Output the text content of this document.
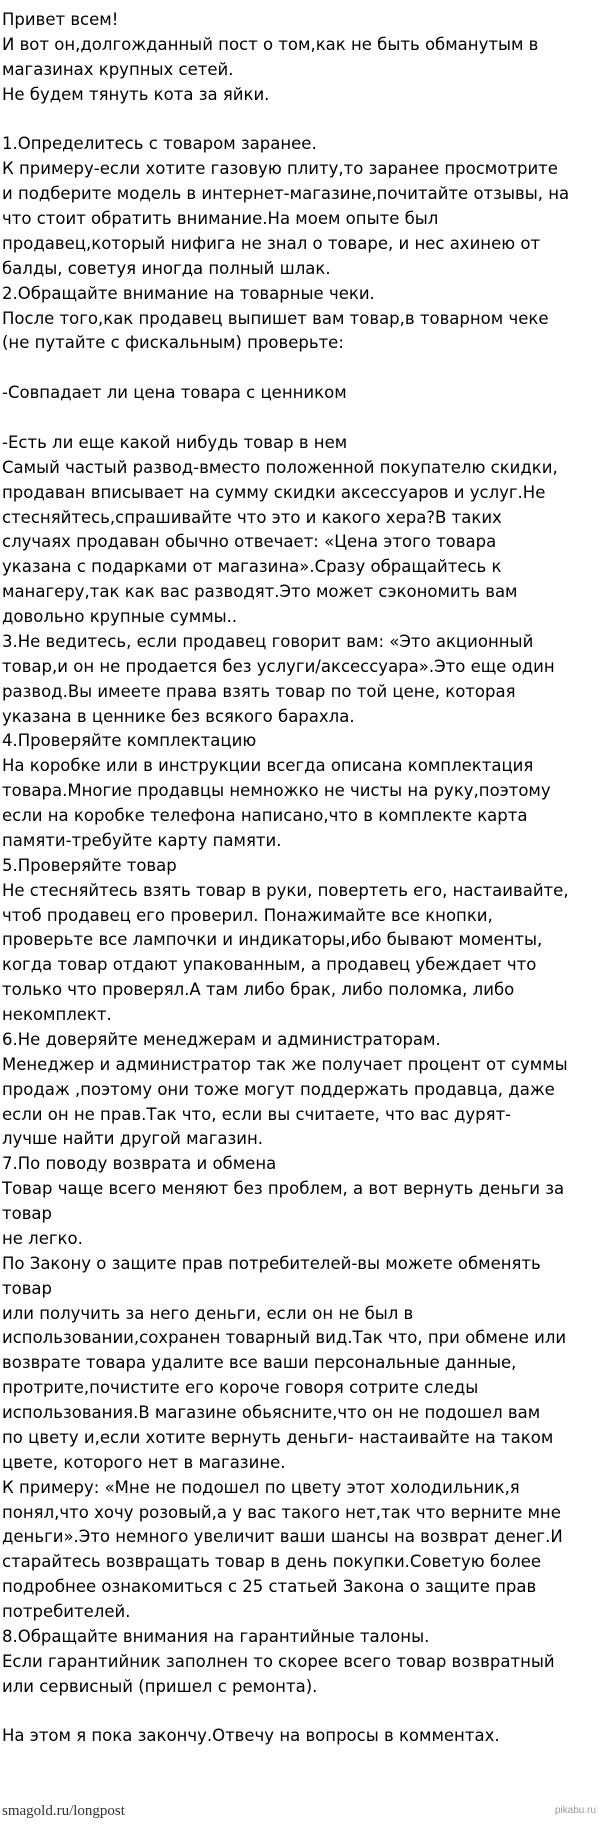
Привет всем!
И вот он,долгожданный пост о том,как не быть обманутым в
магазинах крупных сетей.
Не будем тянуть кота за яйки.
1.Определитесь с товаром заранее.
К примеру-если хотите газовую плиту,то заранее просмотрите
и подберите модель в интернет-магазине,почитайте отзывы, на
что стоит обратить внимание.На моем опыте был
продавец,который нифига не знал о товаре, и нес ахинею от
балды, советуя иногда полный шлак.
2.Обращайте внимание на товарные чеки.
После того,как продавец выпишет вам товар,в товарном чеке
(не путайте с фискальным) проверьте:
-Совпадает ли цена товара с ценником
-Есть ли еще какой нибудь товар в нем
Самый частый развод-вместо положенной покупателю скидки,
продаван вписывает на сумму скидки аксессуаров и услуг.Не
стесняйтесь,спрашивайте что это и какого хера?В таких
случаях продаван обычно отвечает: «Цена этого товара
указана с подарками от магазина».Сразу обращайтесь к
манагеру,так как вас разводят.Это может сэкономить вам
довольно крупные суммы..
3.Не ведитесь, если продавец говорит вам: «Это акционный
товар,и он не продается без услуги/аксессуара».Это еще один
развод.Вы имеете права взять товар по той цене, которая
указана в ценнике без всякого барахла.
4.Проверяйте комплектацию
На коробке или в инструкции всегда описана комплектация
товара.Многие продавцы немножко не чисты на руку,поэтому
если на коробке телефона написано,что в комплекте карта
памяти-требуйте карту памяти.
5.Проверяйте товар
Не стесняйтесь взять товар в руки, повертеть его, настаивайте,
чтоб продавец его проверил. Понажимайте все кнопки,
проверьте все лампочки и индикаторы,ибо бывают моменты,
когда товар отдают упакованным, а продавец убеждает что
только что проверял.А там либо брак, либо поломка, либо
некомплект.
6.Не доверяйте менеджерам и администраторам.
Менеджер и администратор так же получает процент от суммы
продаж ,поэтому они тоже могут поддержать продавца, даже
если он не прав.Так что, если вы считаете, что вас дурят-
лучше найти другой магазин.
7.По поводу возврата и обмена
Товар чаще всего меняют без проблем, а вот вернуть деньги за
товар
не легко.
По Закону о защите прав потребителей-вы можете обменять
товар
или получить за него деньги, если он не был в
использовании,сохранен товарный вид.Так что, при обмене или
возврате товара удалите все ваши персональные данные,
протрите,почистите его короче говоря сотрите следы
использования.В магазине обьясните,что он не подошел вам
по цвету и,если хотите вернуть деньги- настаивайте на таком
цвете, которого нет в магазине.
К примеру: «Мне не подошел по цвету этот холодильник,я
понял,что хочу розовый,а у вас такого нет,так что верните мне
деньги».Это немного увеличит ваши шансы на возврат денег.И
старайтесь возвращать товар в день покупки.Советую более
подробнее ознакомиться с 25 статьей Закона о защите прав
потребителей.
8.Обращайте внимания на гарантийные талоны.
Если гарантийник заполнен то скорее всего товар возвратный
или сервисный (пришел с ремонта).
На этом я пока закончу.Отвечу на вопросы в комментах.
smagold.ru/longpost	pikabu.ru
